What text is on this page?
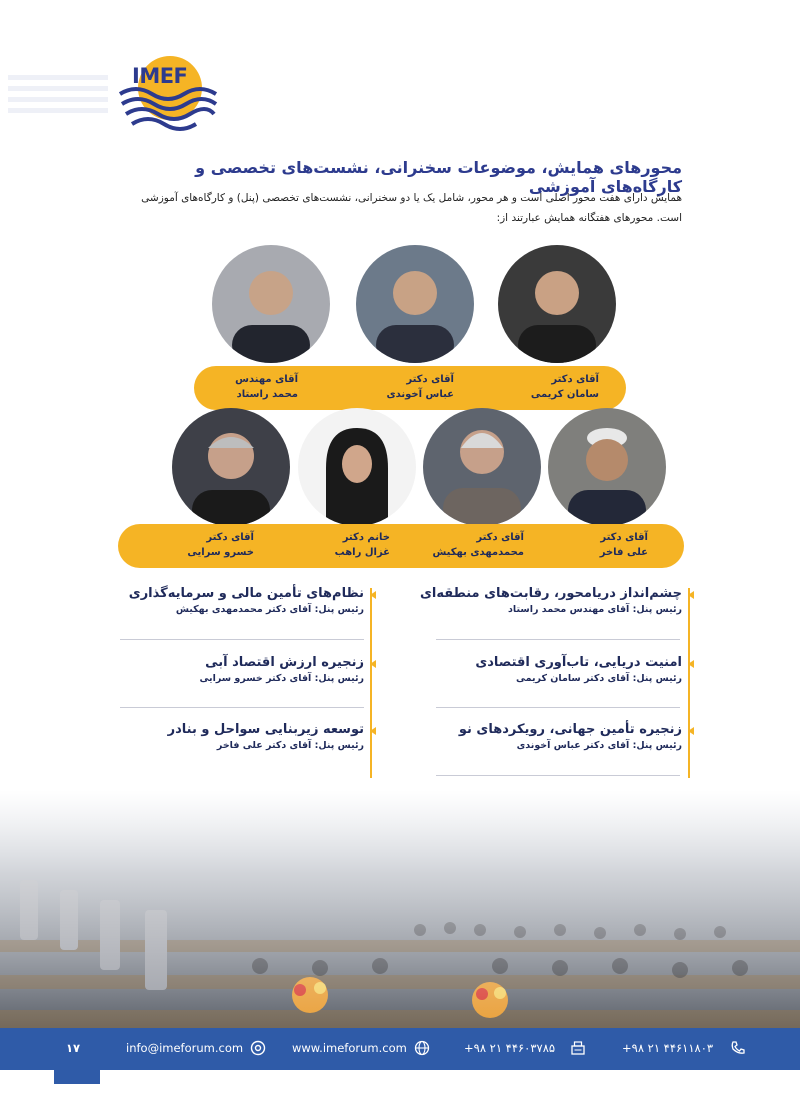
IMEF
محورهای همایش، موضوعات سخنرانی، نشست‌های تخصصی و کارگاه‌های آموزشی
همایش دارای هفت محور اصلی است و هر محور، شامل یک یا دو سخنرانی، نشست‌های تخصصی (پنل) و کارگاه‌های آموزشی است. محورهای هفتگانه همایش عبارتند از:
آقای دکتر
سامان کریمی
آقای دکتر
عباس آخوندی
آقای مهندس
محمد راستاد
آقای دکتر
علی فاخر
آقای دکتر
محمدمهدی بهکیش
خانم دکتر
غزال راهب
آقای دکتر
خسرو سرایی
چشم‌انداز دریامحور، رقابت‌های منطقه‌ای
رئیس پنل: آقای مهندس محمد راستاد
امنیت دریایی، تاب‌آوری اقتصادی
رئیس پنل: آقای دکتر سامان کریمی
زنجیره تأمین جهانی، رویکردهای نو
رئیس پنل: آقای دکتر عباس آخوندی
نظام‌های تأمین مالی و سرمایه‌گذاری
رئیس پنل: آقای دکتر محمدمهدی بهکیش
زنجیره ارزش اقتصاد آبی
رئیس پنل: آقای دکتر خسرو سرایی
توسعه زیربنایی سواحل و بنادر
رئیس پنل: آقای دکتر علی فاخر
۱۷	info@imeforum.com	www.imeforum.com	+۹۸ ۲۱ ۴۴۶۰۳۷۸۵	+۹۸ ۲۱ ۴۴۶۱۱۸۰۳
